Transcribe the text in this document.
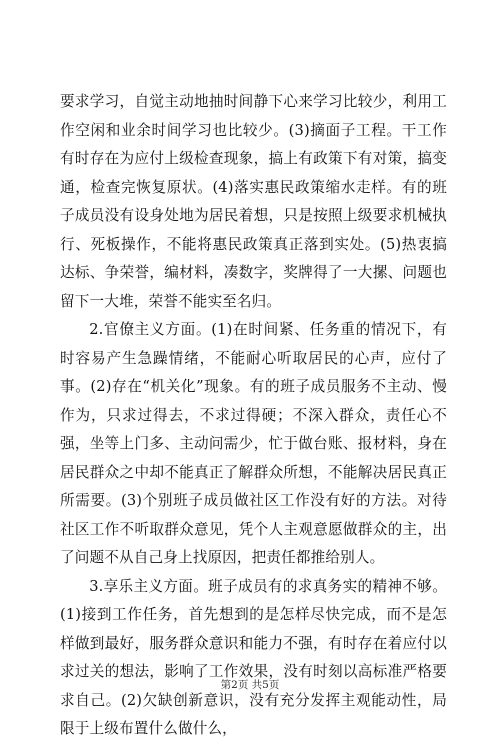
要求学习，自觉主动地抽时间静下心来学习比较少，利用工作空闲和业余时间学习也比较少。(3)摘面子工程。干工作有时存在为应付上级检查现象，搞上有政策下有对策，搞变通，检查完恢复原状。(4)落实惠民政策缩水走样。有的班子成员没有设身处地为居民着想，只是按照上级要求机械执行、死板操作，不能将惠民政策真正落到实处。(5)热衷搞达标、争荣誉，编材料，凑数字，奖牌得了一大摞、问题也留下一大堆，荣誉不能实至名归。

2.官僚主义方面。(1)在时间紧、任务重的情况下，有时容易产生急躁情绪，不能耐心听取居民的心声，应付了事。(2)存在“机关化”现象。有的班子成员服务不主动、慢作为，只求过得去，不求过得硬；不深入群众，责任心不强，坐等上门多、主动问需少，忙于做台账、报材料，身在居民群众之中却不能真正了解群众所想，不能解决居民真正所需要。(3)个别班子成员做社区工作没有好的方法。对待社区工作不听取群众意见，凭个人主观意愿做群众的主，出了问题不从自己身上找原因，把责任都推给别人。

3.享乐主义方面。班子成员有的求真务实的精神不够。(1)接到工作任务，首先想到的是怎样尽快完成，而不是怎样做到最好，服务群众意识和能力不强，有时存在着应付以求过关的想法，影响了工作效果，没有时刻以高标准严格要求自己。(2)欠缺创新意识，没有充分发挥主观能动性，局限于上级布置什么做什么，

第2页 共5页
